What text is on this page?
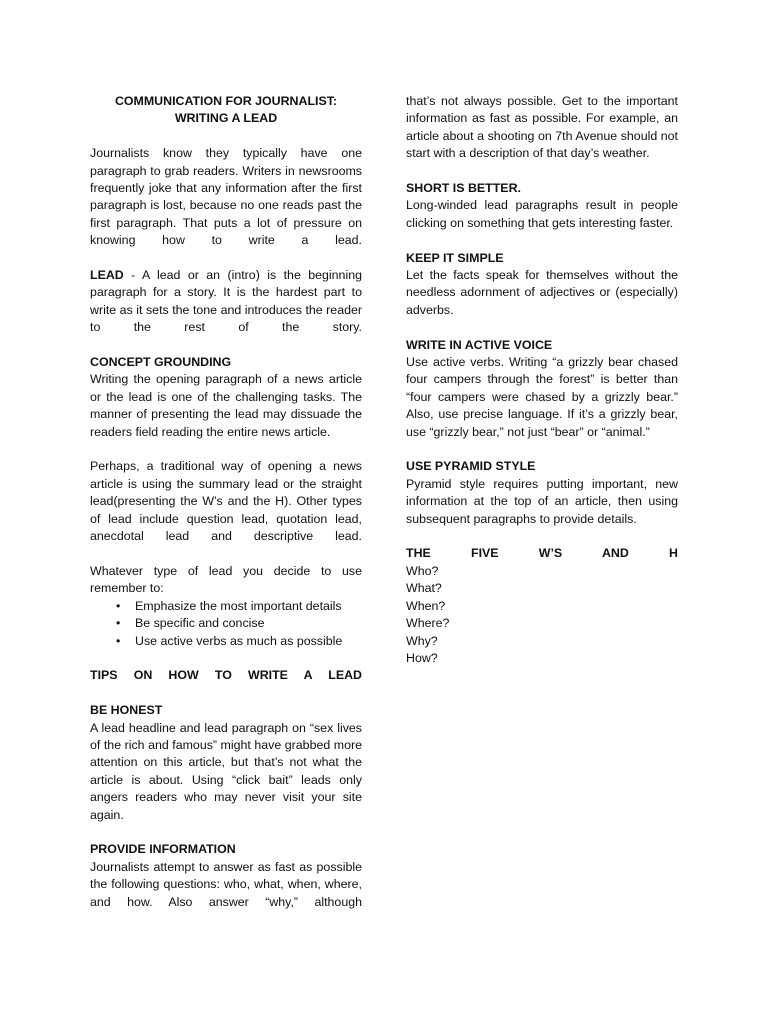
COMMUNICATION FOR JOURNALIST:
WRITING A LEAD

Journalists know they typically have one paragraph to grab readers. Writers in newsrooms frequently joke that any information after the first paragraph is lost, because no one reads past the first paragraph. That puts a lot of pressure on knowing how to write a lead.

LEAD - A lead or an (intro) is the beginning paragraph for a story. It is the hardest part to write as it sets the tone and introduces the reader to the rest of the story.

CONCEPT GROUNDING

Writing the opening paragraph of a news article or the lead is one of the challenging tasks. The manner of presenting the lead may dissuade the readers field reading the entire news article.

Perhaps, a traditional way of opening a news article is using the summary lead or the straight lead(presenting the W’s and the H). Other types of lead include question lead, quotation lead, anecdotal lead and descriptive lead.

Whatever type of lead you decide to use remember to:

• Emphasize the most important details
• Be specific and concise
• Use active verbs as much as possible
TIPS ON HOW TO WRITE A LEAD
BE HONEST

A lead headline and lead paragraph on “sex lives of the rich and famous” might have grabbed more attention on this article, but that’s not what the article is about. Using “click bait” leads only angers readers who may never visit your site again.

PROVIDE INFORMATION

Journalists attempt to answer as fast as possible the following questions: who, what, when, where, and how. Also answer “why,” although

that’s not always possible. Get to the important information as fast as possible. For example, an article about a shooting on 7th Avenue should not start with a description of that day’s weather.

SHORT IS BETTER.

Long-winded lead paragraphs result in people clicking on something that gets interesting faster.

KEEP IT SIMPLE

Let the facts speak for themselves without the needless adornment of adjectives or (especially) adverbs.

WRITE IN ACTIVE VOICE

Use active verbs. Writing “a grizzly bear chased four campers through the forest” is better than “four campers were chased by a grizzly bear.” Also, use precise language. If it’s a grizzly bear, use “grizzly bear,” not just “bear” or “animal.”

USE PYRAMID STYLE

Pyramid style requires putting important, new information at the top of an article, then using subsequent paragraphs to provide details.

THE FIVE W’S AND H
Who?
What?
When?
Where?
Why?
How?
